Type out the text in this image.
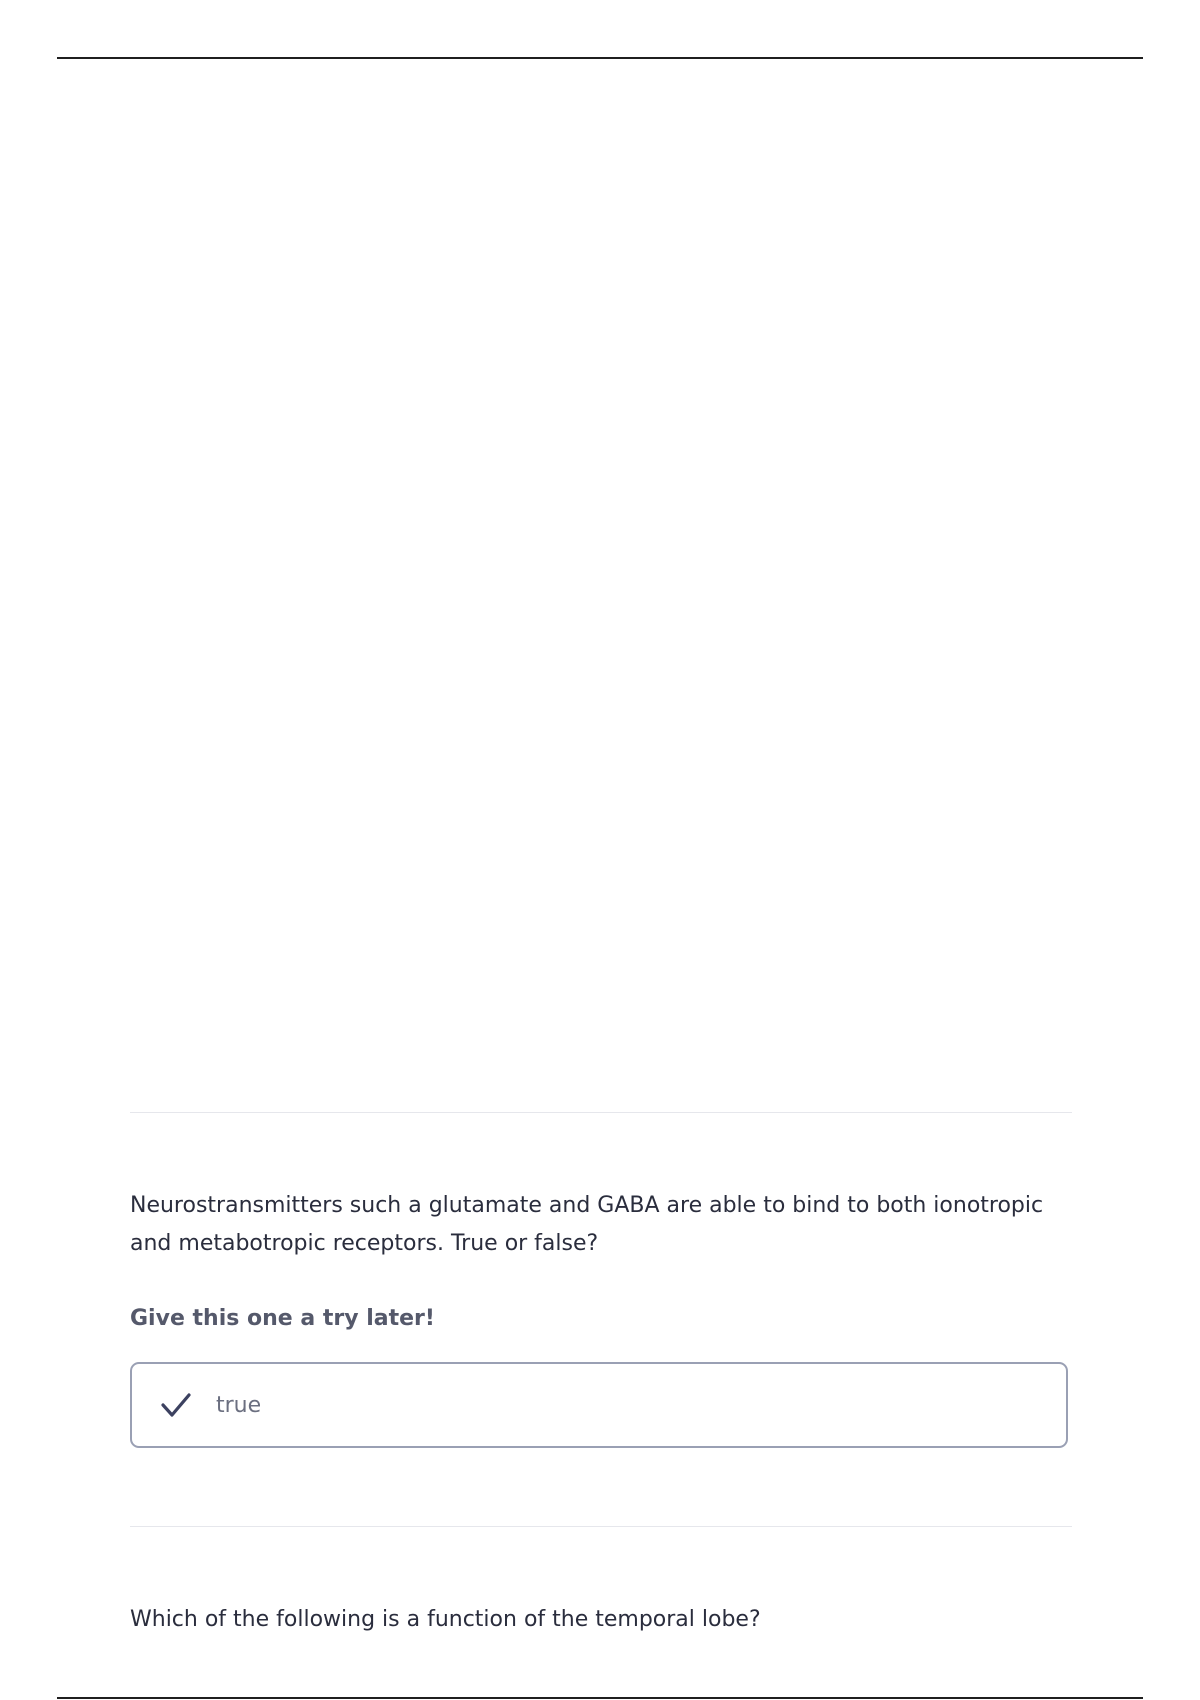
Neurostransmitters such a glutamate and GABA are able to bind to both ionotropic and metabotropic receptors. True or false?
Give this one a try later!
true
Which of the following is a function of the temporal lobe?
